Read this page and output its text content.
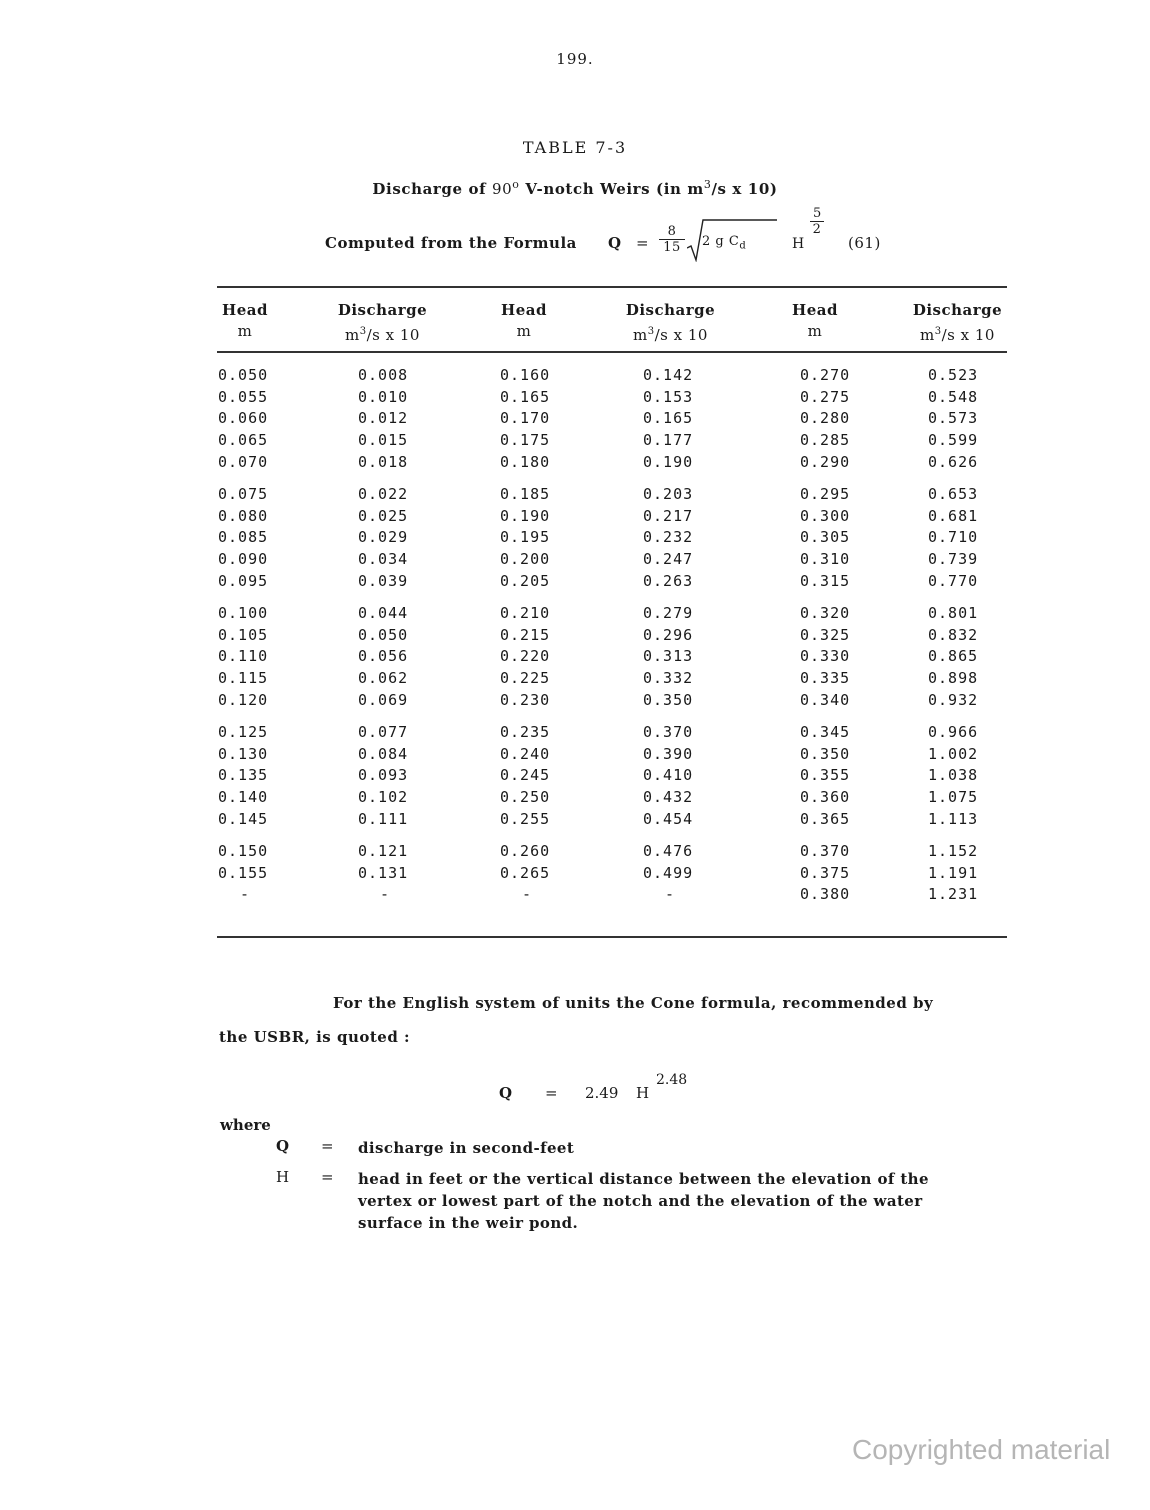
199.
TABLE 7-3
Discharge of 90$^o$ V-notch Weirs (in $m^3/s$ x 10)
Computed from the Formula $Q = \frac{8}{15} 2$ g $C_d$	H
$\frac{5}{2}$
(61)
Head
m
Discharge
$m^3/s$ x 10
Head
m
Discharge
$m^3/s$ x 10
Head
m
Discharge
$m^3/s$ x 10
0.050
0.055
0.060
0.065
0.070
0.075
0.080
0.085
0.090
0.095
0.100
0.105
0.110
0.115
0.120
0.125
0.130
0.135
0.140
0.145
0.150
0.155
-
0.008
0.010
0.012
0.015
0.018
0.022
0.025
0.029
0.034
0.039
0.044
0.050
0.056
0.062
0.069
0.077
0.084
0.093
0.102
0.111
0.121
0.131
-
0.160
0.165
0.170
0.175
0.180
0.185
0.190
0.195
0.200
0.205
0.210
0.215
0.220
0.225
0.230
0.235
0.240
0.245
0.250
0.255
0.260
0.265
-
0.142
0.153
0.165
0.177
0.190
0.203
0.217
0.232
0.247
0.263
0.279
0.296
0.313
0.332
0.350
0.370
0.390
0.410
0.432
0.454
0.476
0.499
-
0.270
0.275
0.280
0.285
0.290
0.295
0.300
0.305
0.310
0.315
0.320
0.325
0.330
0.335
0.340
0.345
0.350
0.355
0.360
0.365
0.370
0.375
0.380
0.523
0.548
0.573
0.599
0.626
0.653
0.681
0.710
0.739
0.770
0.801
0.832
0.865
0.898
0.932
0.966
1.002
1.038
1.075
1.113
1.152
1.191
1.231
For the English system of units the Cone formula, recommended by
the USBR, is quoted :
Q = 2.49 H
2.48
where
Q = discharge in second-feet
H = head in feet or the vertical distance between the elevation of the vertex or lowest part of the notch and the elevation of the water surface in the weir pond.
Copyrighted material
